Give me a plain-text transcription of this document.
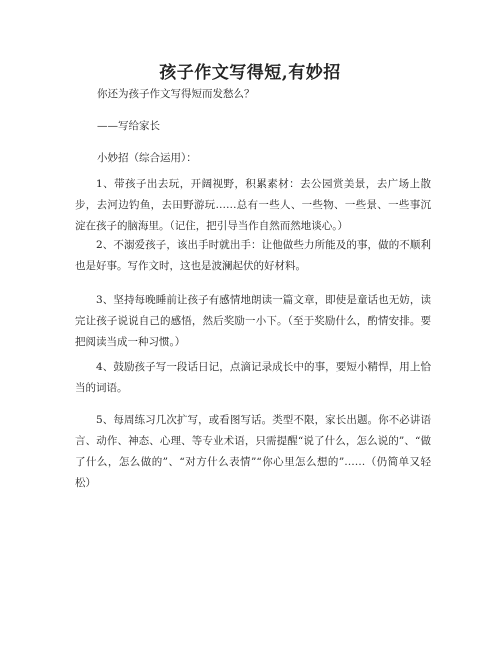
孩子作文写得短,有妙招
你还为孩子作文写得短而发愁么？
——写给家长
小妙招（综合运用）：
1、带孩子出去玩，开阔视野，积累素材：去公园赏美景，去广场上散步，去河边钓鱼，去田野游玩……总有一些人、一些物、一些景、一些事沉淀在孩子的脑海里。（记住，把引导当作自然而然地谈心。）
2、不溺爱孩子，该出手时就出手：让他做些力所能及的事，做的不顺利也是好事。写作文时，这也是波澜起伏的好材料。
3、坚持每晚睡前让孩子有感情地朗读一篇文章，即使是童话也无妨，读完让孩子说说自己的感悟，然后奖励一小下。（至于奖励什么，酌情安排。要把阅读当成一种习惯。）
4、鼓励孩子写一段话日记，点滴记录成长中的事，要短小精悍，用上恰当的词语。
5、每周练习几次扩写，或看图写话。类型不限，家长出题。你不必讲语言、动作、神态、心理、等专业术语，只需提醒“说了什么，怎么说的”、“做了什么，怎么做的”、“对方什么表情”“你心里怎么想的”……（仍简单又轻松）
